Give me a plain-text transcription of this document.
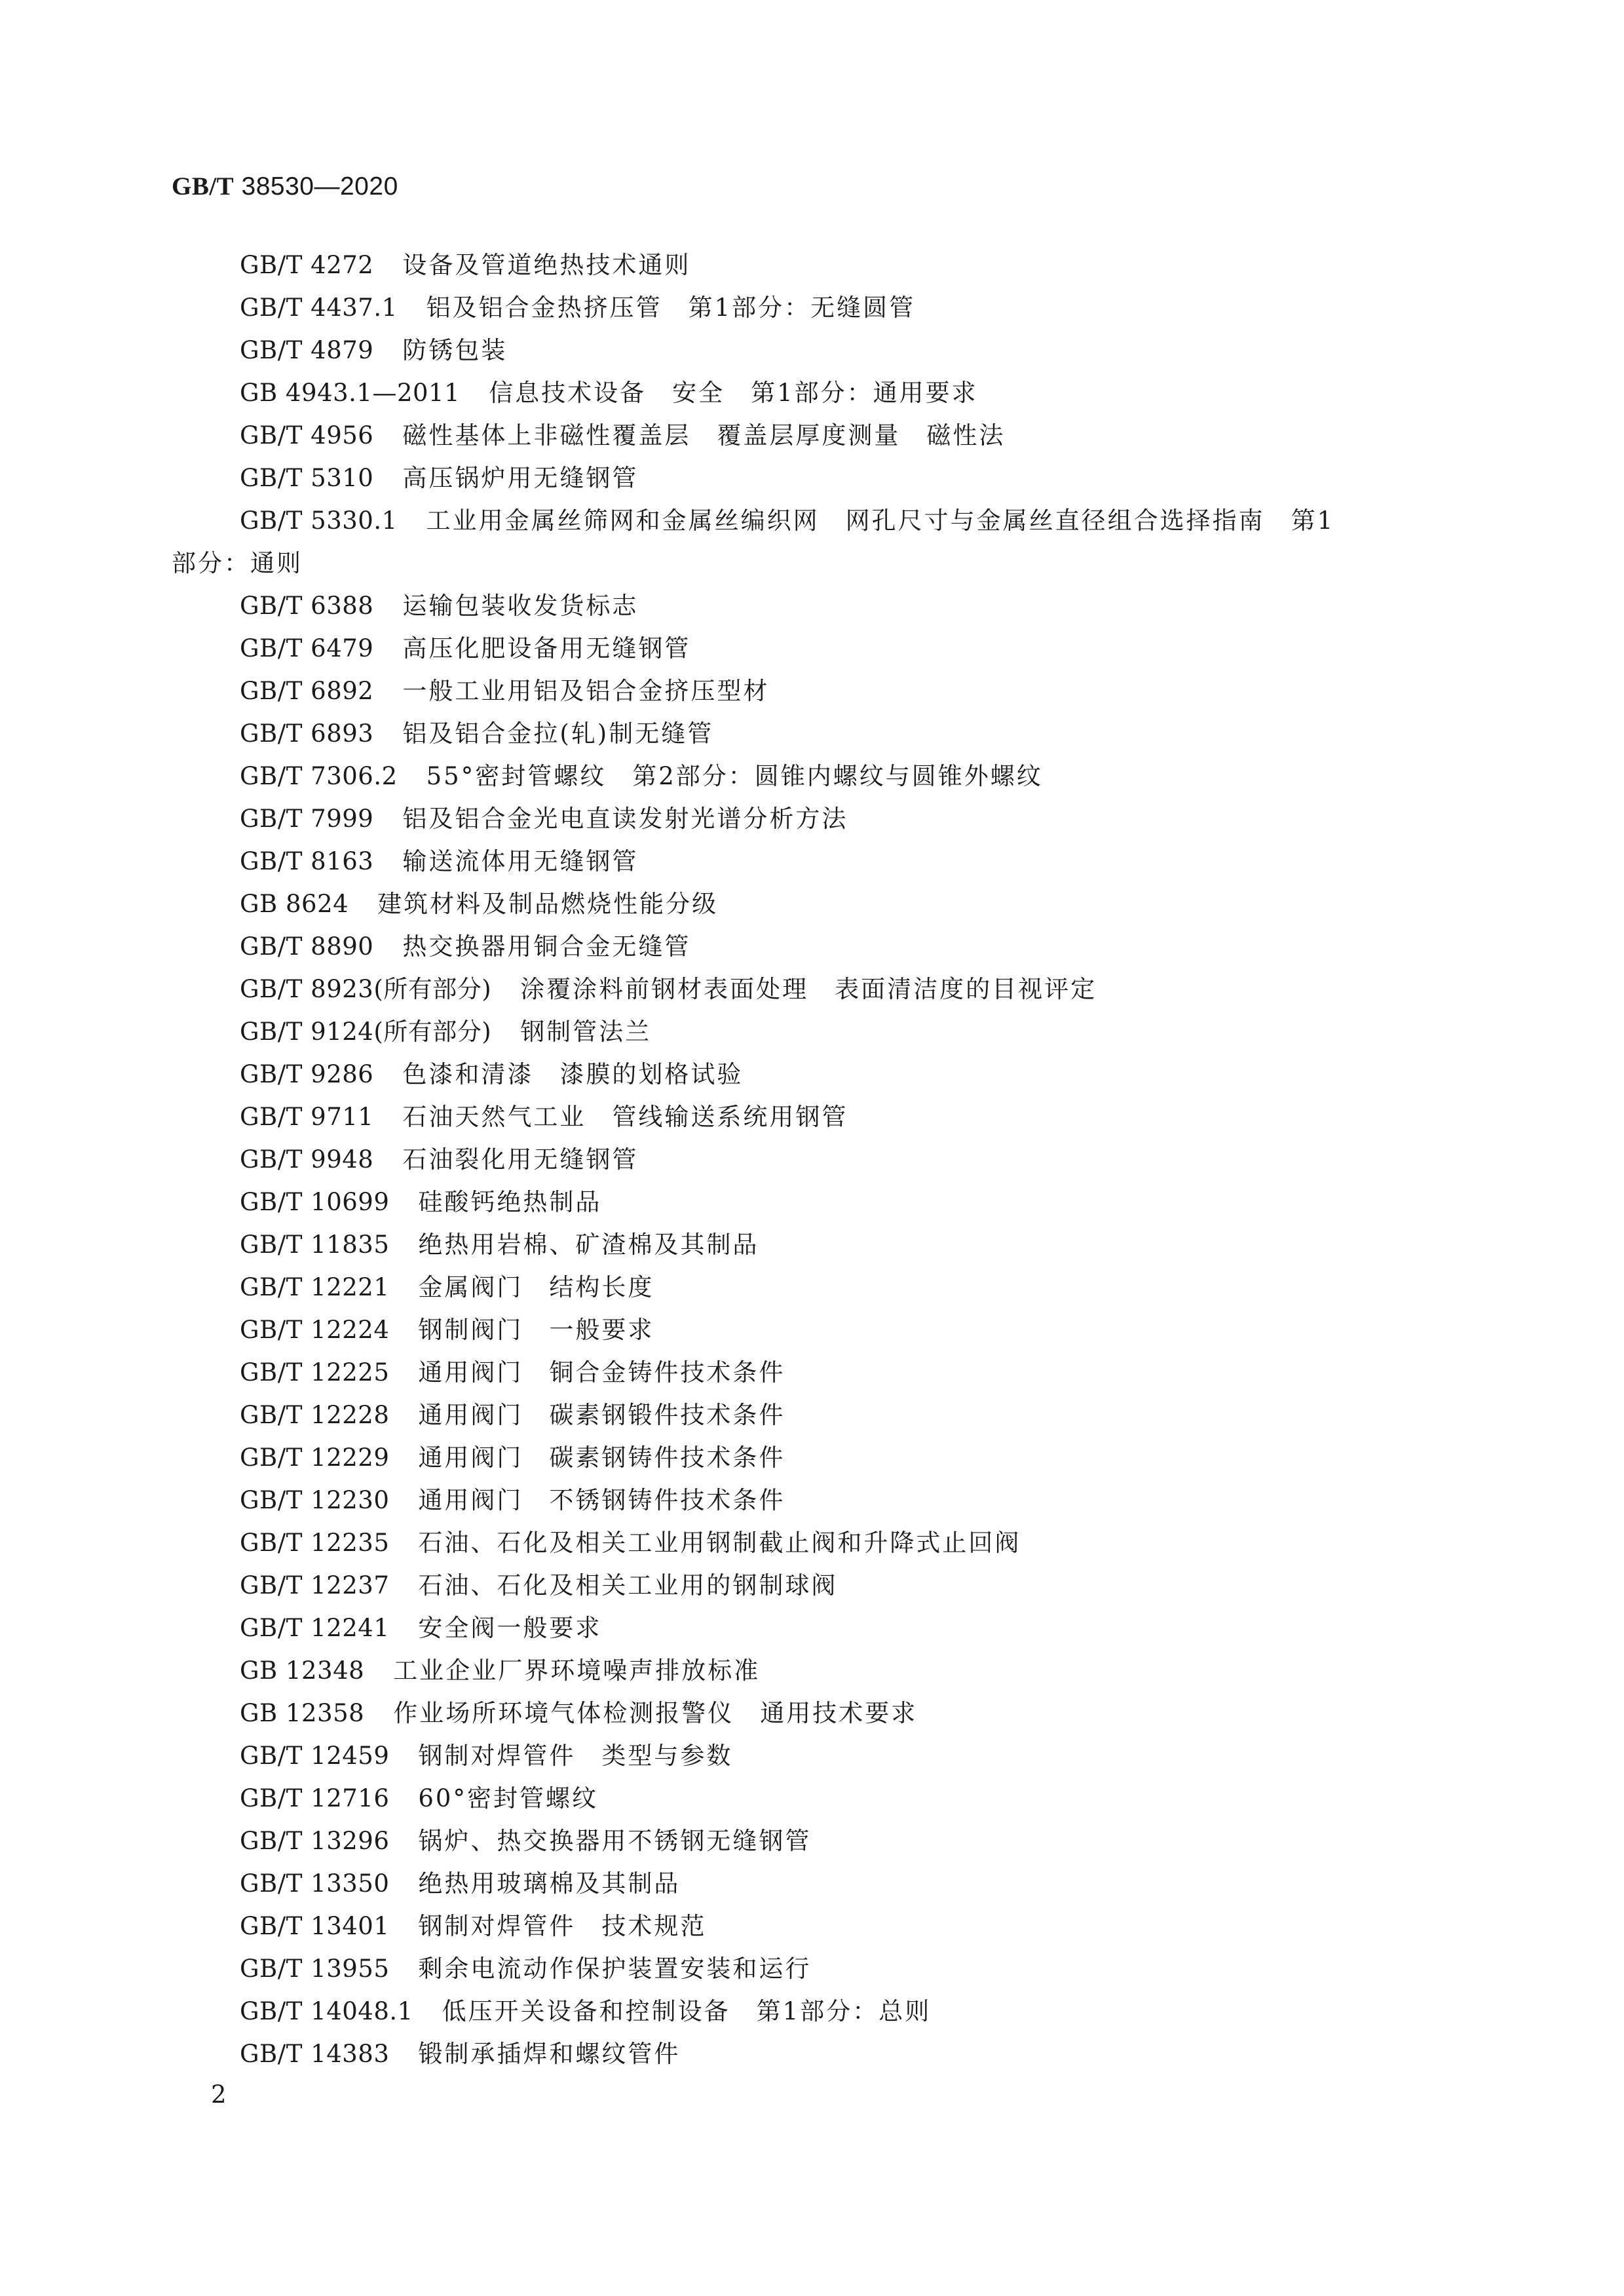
GB/T 38530—2020
GB/T 4272 设备及管道绝热技术通则
GB/T 4437.1 铝及铝合金热挤压管　第1部分：无缝圆管
GB/T 4879 防锈包装
GB 4943.1—2011 信息技术设备　安全　第1部分：通用要求
GB/T 4956 磁性基体上非磁性覆盖层　覆盖层厚度测量　磁性法
GB/T 5310 高压锅炉用无缝钢管
GB/T 5330.1 工业用金属丝筛网和金属丝编织网　网孔尺寸与金属丝直径组合选择指南　第1
部分：通则
GB/T 6388 运输包装收发货标志
GB/T 6479 高压化肥设备用无缝钢管
GB/T 6892 一般工业用铝及铝合金挤压型材
GB/T 6893 铝及铝合金拉(轧)制无缝管
GB/T 7306.2 55°密封管螺纹　第2部分：圆锥内螺纹与圆锥外螺纹
GB/T 7999 铝及铝合金光电直读发射光谱分析方法
GB/T 8163 输送流体用无缝钢管
GB 8624 建筑材料及制品燃烧性能分级
GB/T 8890 热交换器用铜合金无缝管
GB/T 8923(所有部分) 涂覆涂料前钢材表面处理　表面清洁度的目视评定
GB/T 9124(所有部分) 钢制管法兰
GB/T 9286 色漆和清漆　漆膜的划格试验
GB/T 9711 石油天然气工业　管线输送系统用钢管
GB/T 9948 石油裂化用无缝钢管
GB/T 10699 硅酸钙绝热制品
GB/T 11835 绝热用岩棉、矿渣棉及其制品
GB/T 12221 金属阀门　结构长度
GB/T 12224 钢制阀门　一般要求
GB/T 12225 通用阀门　铜合金铸件技术条件
GB/T 12228 通用阀门　碳素钢锻件技术条件
GB/T 12229 通用阀门　碳素钢铸件技术条件
GB/T 12230 通用阀门　不锈钢铸件技术条件
GB/T 12235 石油、石化及相关工业用钢制截止阀和升降式止回阀
GB/T 12237 石油、石化及相关工业用的钢制球阀
GB/T 12241 安全阀一般要求
GB 12348 工业企业厂界环境噪声排放标准
GB 12358 作业场所环境气体检测报警仪　通用技术要求
GB/T 12459 钢制对焊管件　类型与参数
GB/T 12716 60°密封管螺纹
GB/T 13296 锅炉、热交换器用不锈钢无缝钢管
GB/T 13350 绝热用玻璃棉及其制品
GB/T 13401 钢制对焊管件　技术规范
GB/T 13955 剩余电流动作保护装置安装和运行
GB/T 14048.1 低压开关设备和控制设备　第1部分：总则
GB/T 14383 锻制承插焊和螺纹管件
2
